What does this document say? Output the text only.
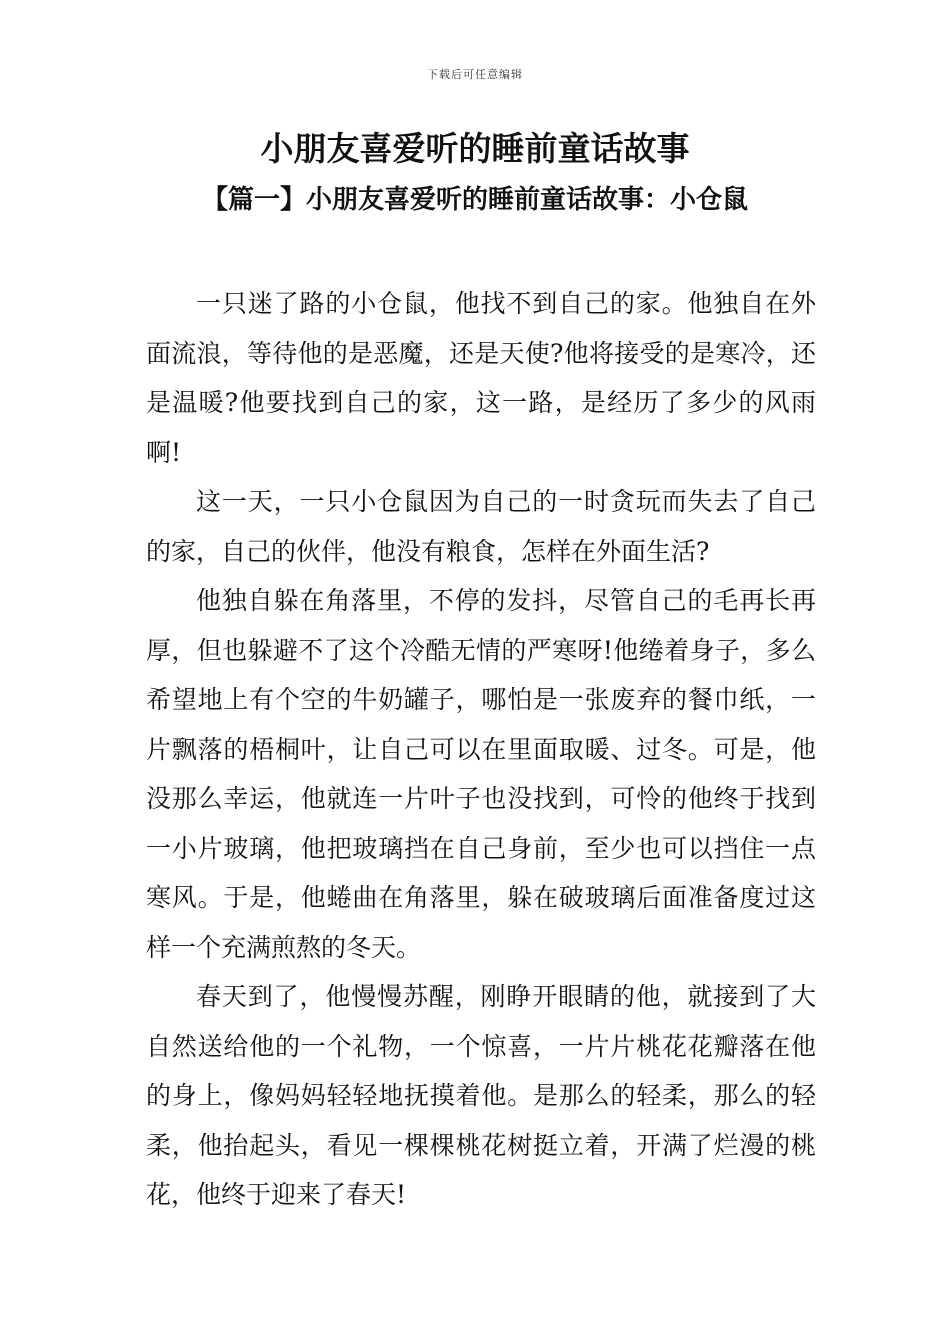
下载后可任意编辑
小朋友喜爱听的睡前童话故事
【篇一】小朋友喜爱听的睡前童话故事：小仓鼠

一只迷了路的小仓鼠，他找不到自己的家。他独自在外面流浪，等待他的是恶魔，还是天使?他将接受的是寒冷，还是温暖?他要找到自己的家，这一路，是经历了多少的风雨啊!

这一天，一只小仓鼠因为自己的一时贪玩而失去了自己的家，自己的伙伴，他没有粮食，怎样在外面生活?

他独自躲在角落里，不停的发抖，尽管自己的毛再长再厚，但也躲避不了这个冷酷无情的严寒呀!他绻着身子，多么希望地上有个空的牛奶罐子，哪怕是一张废弃的餐巾纸，一片飘落的梧桐叶，让自己可以在里面取暖、过冬。可是，他没那么幸运，他就连一片叶子也没找到，可怜的他终于找到一小片玻璃，他把玻璃挡在自己身前，至少也可以挡住一点寒风。于是，他蜷曲在角落里，躲在破玻璃后面准备度过这样一个充满煎熬的冬天。

春天到了，他慢慢苏醒，刚睁开眼睛的他，就接到了大自然送给他的一个礼物，一个惊喜，一片片桃花花瓣落在他的身上，像妈妈轻轻地抚摸着他。是那么的轻柔，那么的轻柔，他抬起头，看见一棵棵桃花树挺立着，开满了烂漫的桃花，他终于迎来了春天!
